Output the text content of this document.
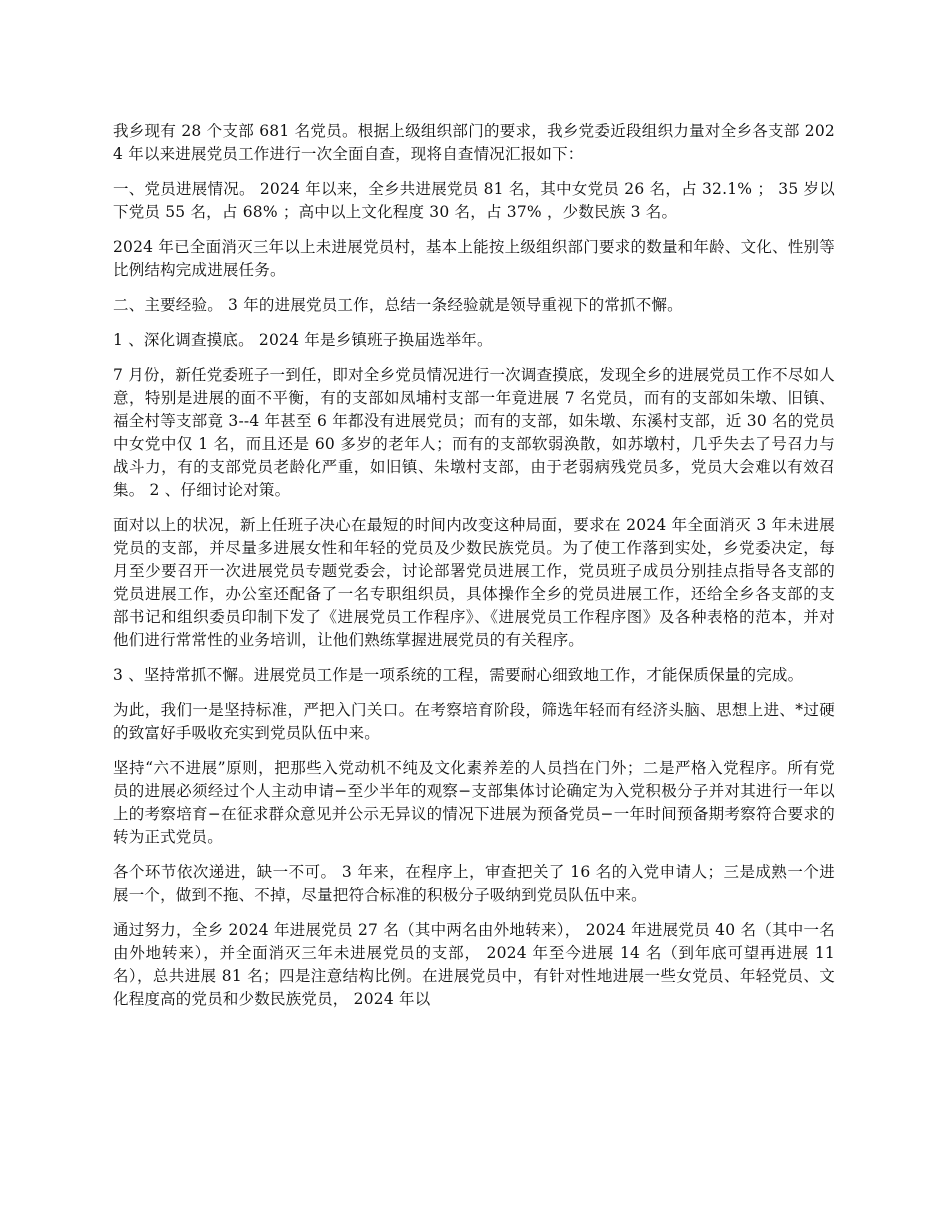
我乡现有 28 个支部 681 名党员。根据上级组织部门的要求，我乡党委近段组织力量对全乡各支部 2024 年以来进展党员工作进行一次全面自查，现将自查情况汇报如下：

一、党员进展情况。 2024 年以来，全乡共进展党员 81 名，其中女党员 26 名，占 32.1% ； 35 岁以下党员 55 名，占 68% ；高中以上文化程度 30 名，占 37% ，少数民族 3 名。

2024 年已全面消灭三年以上未进展党员村，基本上能按上级组织部门要求的数量和年龄、文化、性别等比例结构完成进展任务。

二、主要经验。 3 年的进展党员工作，总结一条经验就是领导重视下的常抓不懈。

1 、深化调查摸底。 2024 年是乡镇班子换届选举年。

7 月份，新任党委班子一到任，即对全乡党员情况进行一次调查摸底，发现全乡的进展党员工作不尽如人意，特别是进展的面不平衡，有的支部如凤埔村支部一年竟进展 7 名党员，而有的支部如朱墩、旧镇、福全村等支部竟 3--4 年甚至 6 年都没有进展党员；而有的支部，如朱墩、东溪村支部，近 30 名的党员中女党中仅 1 名，而且还是 60 多岁的老年人；而有的支部软弱涣散，如苏墩村，几乎失去了号召力与战斗力，有的支部党员老龄化严重，如旧镇、朱墩村支部，由于老弱病残党员多，党员大会难以有效召集。 2 、仔细讨论对策。

面对以上的状况，新上任班子决心在最短的时间内改变这种局面，要求在 2024 年全面消灭 3 年未进展党员的支部，并尽量多进展女性和年轻的党员及少数民族党员。为了使工作落到实处，乡党委决定，每月至少要召开一次进展党员专题党委会，讨论部署党员进展工作，党员班子成员分别挂点指导各支部的党员进展工作，办公室还配备了一名专职组织员，具体操作全乡的党员进展工作，还给全乡各支部的支部书记和组织委员印制下发了《进展党员工作程序》、《进展党员工作程序图》及各种表格的范本，并对他们进行常常性的业务培训，让他们熟练掌握进展党员的有关程序。

3 、坚持常抓不懈。进展党员工作是一项系统的工程，需要耐心细致地工作，才能保质保量的完成。

为此，我们一是坚持标准，严把入门关口。在考察培育阶段，筛选年轻而有经济头脑、思想上进、*过硬的致富好手吸收充实到党员队伍中来。

坚持“六不进展”原则，把那些入党动机不纯及文化素养差的人员挡在门外；二是严格入党程序。所有党员的进展必须经过个人主动申请−至少半年的观察−支部集体讨论确定为入党积极分子并对其进行一年以上的考察培育−在征求群众意见并公示无异议的情况下进展为预备党员−一年时间预备期考察符合要求的转为正式党员。

各个环节依次递进，缺一不可。 3 年来，在程序上，审查把关了 16 名的入党申请人；三是成熟一个进展一个，做到不拖、不掉，尽量把符合标准的积极分子吸纳到党员队伍中来。

通过努力，全乡 2024 年进展党员 27 名（其中两名由外地转来）， 2024 年进展党员 40 名（其中一名由外地转来），并全面消灭三年未进展党员的支部， 2024 年至今进展 14 名（到年底可望再进展 11 名），总共进展 81 名；四是注意结构比例。在进展党员中，有针对性地进展一些女党员、年轻党员、文化程度高的党员和少数民族党员， 2024 年以
